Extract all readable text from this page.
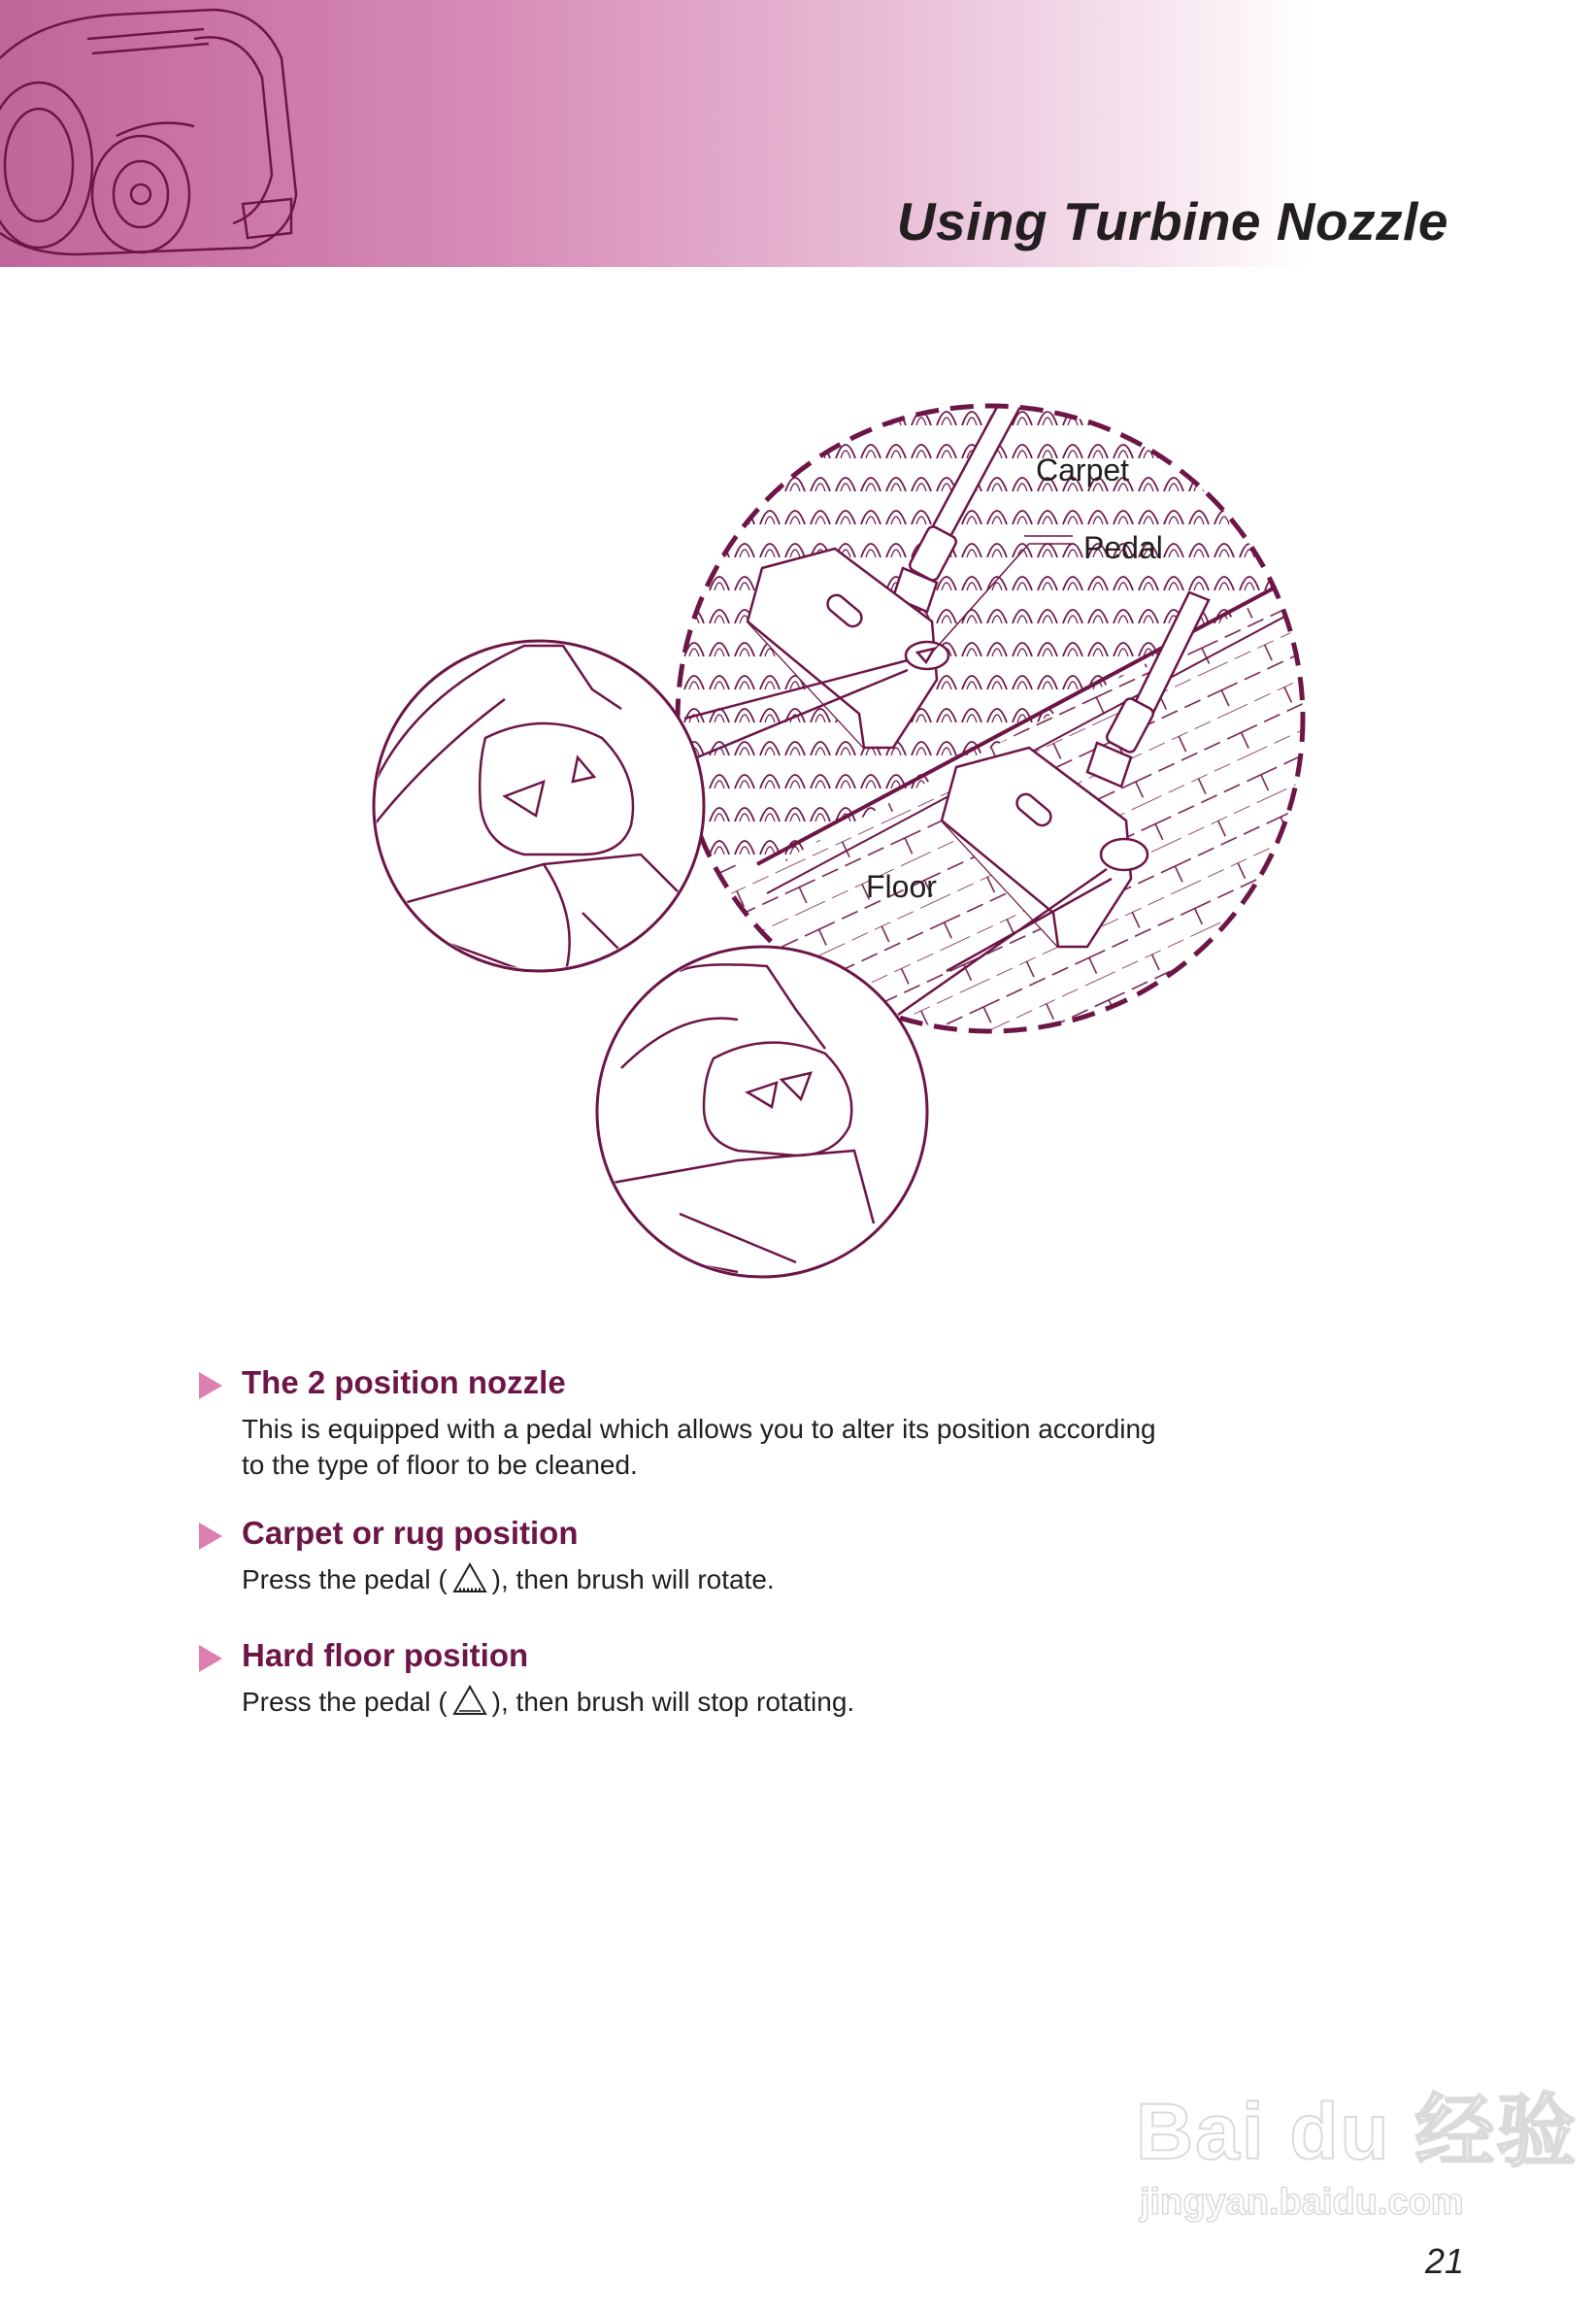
Using Turbine Nozzle
Carpet
Pedal
Floor
The 2 position nozzle

This is equipped with a pedal which allows you to alter its position according
to the type of floor to be cleaned.

Carpet or rug position

Press the pedal ( ), then brush will rotate.

Hard floor position

Press the pedal ( ), then brush will stop rotating.

Bai du 经验
jingyan.baidu.com
21
